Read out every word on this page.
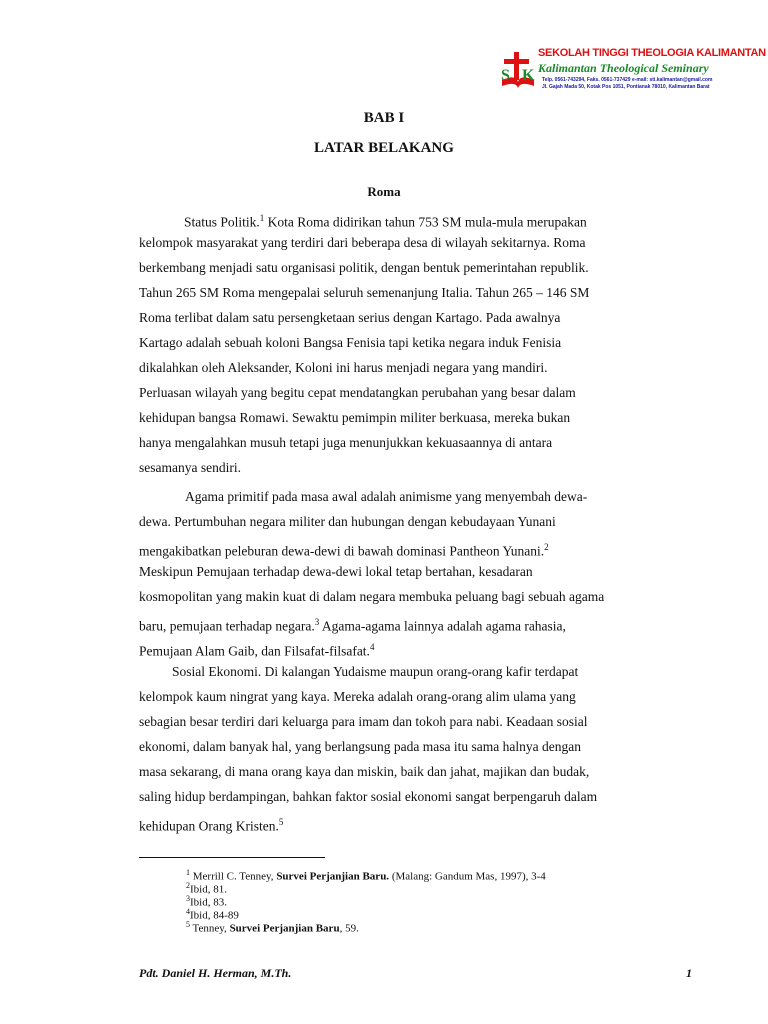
S K
SEKOLAH TINGGI THEOLOGIA KALIMANTAN
Kalimantan Theological Seminary
Telp. 0561-743294, Faks. 0561-737429 e-mail: sti.kalimantan@gmail.com
Jl. Gajah Mada 50, Kotak Pos 1051, Pontianak 78010, Kalimantan Barat
BAB I
LATAR BELAKANG
Roma
Status Politik.$^1$ Kota Roma didirikan tahun 753 SM mula-mula merupakan
kelompok masyarakat yang terdiri dari beberapa desa di wilayah sekitarnya. Roma
berkembang menjadi satu organisasi politik, dengan bentuk pemerintahan republik.
Tahun 265 SM Roma mengepalai seluruh semenanjung Italia. Tahun 265 – 146 SM
Roma terlibat dalam satu persengketaan serius dengan Kartago. Pada awalnya
Kartago adalah sebuah koloni Bangsa Fenisia tapi ketika negara induk Fenisia
dikalahkan oleh Aleksander, Koloni ini harus menjadi negara yang mandiri.
Perluasan wilayah yang begitu cepat mendatangkan perubahan yang besar dalam
kehidupan bangsa Romawi. Sewaktu pemimpin militer berkuasa, mereka bukan
hanya mengalahkan musuh tetapi juga menunjukkan kekuasaannya di antara
sesamanya sendiri.
Agama primitif pada masa awal adalah animisme yang menyembah dewa-
dewa. Pertumbuhan negara militer dan hubungan dengan kebudayaan Yunani
mengakibatkan peleburan dewa-dewi di bawah dominasi Pantheon Yunani.$^2$
Meskipun Pemujaan terhadap dewa-dewi lokal tetap bertahan, kesadaran
kosmopolitan yang makin kuat di dalam negara membuka peluang bagi sebuah agama
baru, pemujaan terhadap negara.$^3$ Agama-agama lainnya adalah agama rahasia,
Pemujaan Alam Gaib, dan Filsafat-filsafat.$^4$
Sosial Ekonomi. Di kalangan Yudaisme maupun orang-orang kafir terdapat
kelompok kaum ningrat yang kaya. Mereka adalah orang-orang alim ulama yang
sebagian besar terdiri dari keluarga para imam dan tokoh para nabi. Keadaan sosial
ekonomi, dalam banyak hal, yang berlangsung pada masa itu sama halnya dengan
masa sekarang, di mana orang kaya dan miskin, baik dan jahat, majikan dan budak,
saling hidup berdampingan, bahkan faktor sosial ekonomi sangat berpengaruh dalam
kehidupan Orang Kristen.$^5$
$^1$ Merrill C. Tenney, Survei Perjanjian Baru. (Malang: Gandum Mas, 1997), 3-4
$^2$Ibid, 81.
$^3$Ibid, 83.
$^4$Ibid, 84-89
$^5$ Tenney, Survei Perjanjian Baru, 59.
Pdt. Daniel H. Herman, M.Th.	1
